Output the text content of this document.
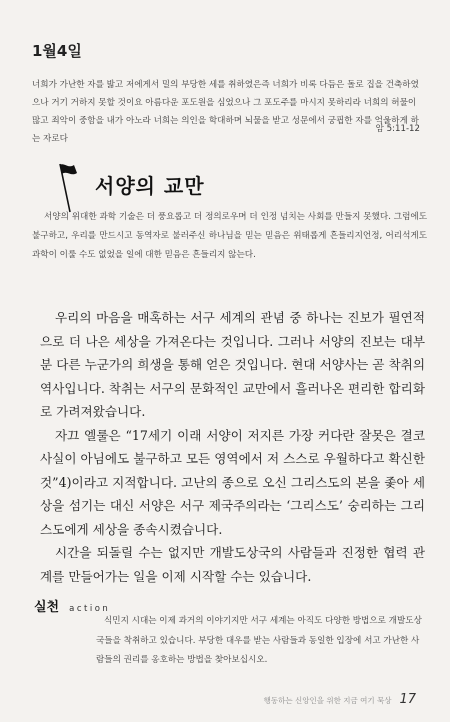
1월4일
너희가 가난한 자를 밟고 저에게서 밀의 부당한 세를 취하였은즉 너희가 비록 다듬은 돌로 집을 건축하였으나 거기 거하지 못할 것이요 아름다운 포도원을 심었으나 그 포도주를 마시지 못하리라 너희의 허물이 많고 죄악이 중함을 내가 아노라 너희는 의인을 학대하며 뇌물을 받고 성문에서 궁핍한 자를 억울하게 하는 자로다
암 5:11-12
서양의 교만
서양의 위대한 과학 기술은 더 풍요롭고 더 정의로우며 더 인정 넘치는 사회를 만들지 못했다. 그럼에도 불구하고, 우리를 만드시고 동역자로 불러주신 하나님을 믿는 믿음은 위태롭게 흔들리지언정, 어리석게도 과학이 이룰 수도 없었을 일에 대한 믿음은 흔들리지 않는다.

우리의 마음을 매혹하는 서구 세계의 관념 중 하나는 진보가 필연적으로 더 나은 세상을 가져온다는 것입니다. 그러나 서양의 진보는 대부분 다른 누군가의 희생을 통해 얻은 것입니다. 현대 서양사는 곧 착취의 역사입니다. 착취는 서구의 문화적인 교만에서 흘러나온 편리한 합리화로 가려져왔습니다.

자끄 엘룰은 “17세기 이래 서양이 저지른 가장 커다란 잘못은 결코 사실이 아님에도 불구하고 모든 영역에서 저 스스로 우월하다고 확신한 것”4)이라고 지적합니다. 고난의 종으로 오신 그리스도의 본을 좇아 세상을 섬기는 대신 서양은 서구 제국주의라는 ‘그리스도’ 숭리하는 그리스도에게 세상을 종속시켰습니다.

시간을 되돌릴 수는 없지만 개발도상국의 사람들과 진정한 협력 관계를 만들어가는 일을 이제 시작할 수는 있습니다.

실천 action
식민지 시대는 이제 과거의 이야기지만 서구 세계는 아직도 다양한 방법으로 개발도상국들을 착취하고 있습니다. 부당한 대우를 받는 사람들과 동일한 입장에 서고 가난한 사람들의 권리를 옹호하는 방법을 찾아보십시오.
행동하는 신앙인을 위한 지금 여기 묵상 17
